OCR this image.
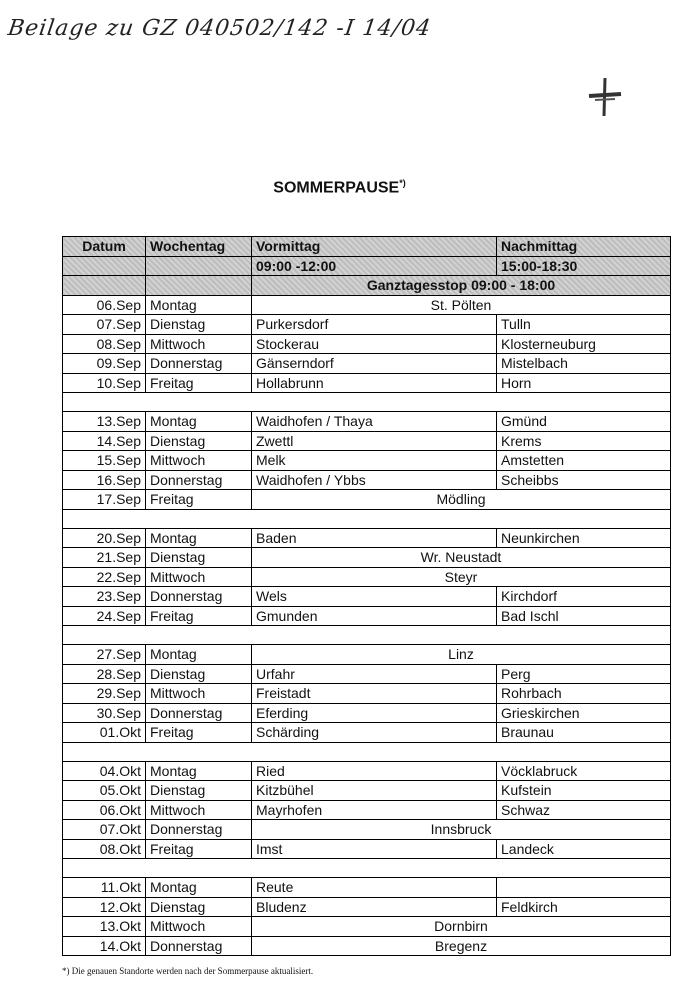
Beilage zu GZ 040502/142 -I 14/04
SOMMERPAUSE*)
Datum	Wochentag	Vormittag	Nachmittag
		09:00 -12:00	15:00-18:30
		Ganztagesstop 09:00 - 18:00	
06.Sep	Montag	St. Pölten	
07.Sep	Dienstag	Purkersdorf	Tulln
08.Sep	Mittwoch	Stockerau	Klosterneuburg
09.Sep	Donnerstag	Gänserndorf	Mistelbach
10.Sep	Freitag	Hollabrunn	Horn

13.Sep	Montag	Waidhofen / Thaya	Gmünd
14.Sep	Dienstag	Zwettl	Krems
15.Sep	Mittwoch	Melk	Amstetten
16.Sep	Donnerstag	Waidhofen / Ybbs	Scheibbs
17.Sep	Freitag	Mödling	

20.Sep	Montag	Baden	Neunkirchen
21.Sep	Dienstag	Wr. Neustadt	
22.Sep	Mittwoch	Steyr	
23.Sep	Donnerstag	Wels	Kirchdorf
24.Sep	Freitag	Gmunden	Bad Ischl

27.Sep	Montag	Linz	
28.Sep	Dienstag	Urfahr	Perg
29.Sep	Mittwoch	Freistadt	Rohrbach
30.Sep	Donnerstag	Eferding	Grieskirchen
01.Okt	Freitag	Schärding	Braunau

04.Okt	Montag	Ried	Vöcklabruck
05.Okt	Dienstag	Kitzbühel	Kufstein
06.Okt	Mittwoch	Mayrhofen	Schwaz
07.Okt	Donnerstag	Innsbruck	
08.Okt	Freitag	Imst	Landeck

11.Okt	Montag	Reute	
12.Okt	Dienstag	Bludenz	Feldkirch
13.Okt	Mittwoch	Dornbirn	
14.Okt	Donnerstag	Bregenz	
*) Die genauen Standorte werden nach der Sommerpause aktualisiert.
